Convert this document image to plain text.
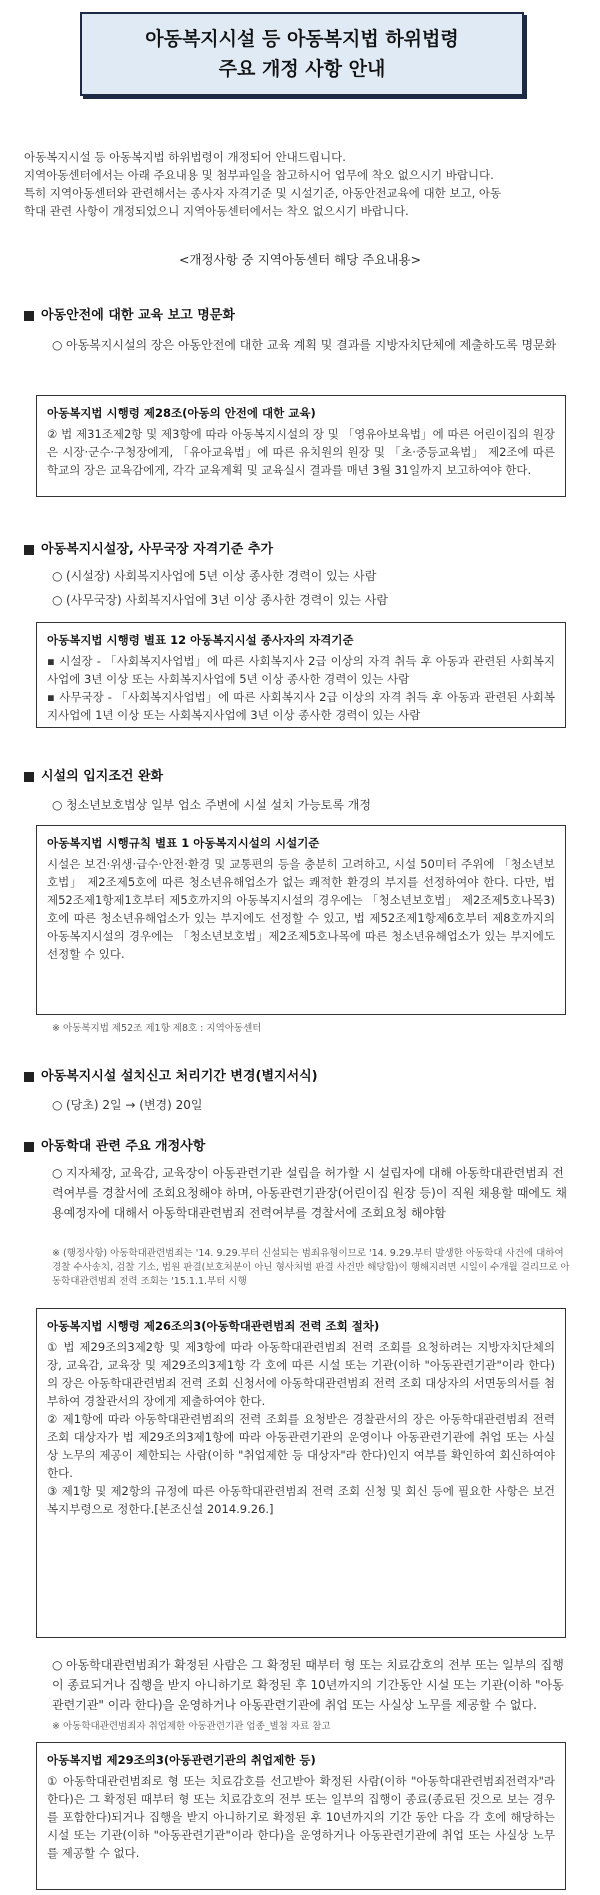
아동복지시설 등 아동복지법 하위법령
주요 개정 사항 안내

아동복지시설 등 아동복지법 하위법령이 개정되어 안내드립니다.

지역아동센터에서는 아래 주요내용 및 첨부파일을 참고하시어 업무에 착오 없으시기 바랍니다.

특히 지역아동센터와 관련해서는 종사자 자격기준 및 시설기준, 아동안전교육에 대한 보고, 아동

학대 관련 사항이 개정되었으니 지역아동센터에서는 착오 없으시기 바랍니다.

<개정사항 중 지역아동센터 해당 주요내용>
아동안전에 대한 교육 보고 명문화
○ 아동복지시설의 장은 아동안전에 대한 교육 계획 및 결과를 지방자치단체에 제출하도록 명문화
아동복지법 시행령 제28조(아동의 안전에 대한 교육)
② 법 제31조제2항 및 제3항에 따라 아동복지시설의 장 및 「영유아보육법」에 따른 어린이집의 원장은 시장·군수·구청장에게, 「유아교육법」에 따른 유치원의 원장 및 「초·중등교육법」 제2조에 따른 학교의 장은 교육감에게, 각각 교육계획 및 교육실시 결과를 매년 3월 31일까지 보고하여야 한다.
아동복지시설장, 사무국장 자격기준 추가
○ (시설장) 사회복지사업에 5년 이상 종사한 경력이 있는 사람
○ (사무국장) 사회복지사업에 3년 이상 종사한 경력이 있는 사람
아동복지법 시행령 별표 12 아동복지시설 종사자의 자격기준
▪ 시설장 - 「사회복지사업법」에 따른 사회복지사 2급 이상의 자격 취득 후 아동과 관련된 사회복지사업에 3년 이상 또는 사회복지사업에 5년 이상 종사한 경력이 있는 사람
▪ 사무국장 - 「사회복지사업법」에 따른 사회복지사 2급 이상의 자격 취득 후 아동과 관련된 사회복지사업에 1년 이상 또는 사회복지사업에 3년 이상 종사한 경력이 있는 사람
시설의 입지조건 완화
○ 청소년보호법상 일부 업소 주변에 시설 설치 가능토록 개정
아동복지법 시행규칙 별표 1 아동복지시설의 시설기준
시설은 보건·위생·급수·안전·환경 및 교통편의 등을 충분히 고려하고, 시설 50미터 주위에 「청소년보호법」 제2조제5호에 따른 청소년유해업소가 없는 쾌적한 환경의 부지를 선정하여야 한다. 다만, 법 제52조제1항제1호부터 제5호까지의 아동복지시설의 경우에는 「청소년보호법」 제2조제5호나목3)호에 따른 청소년유해업소가 있는 부지에도 선정할 수 있고, 법 제52조제1항제6호부터 제8호까지의 아동복지시설의 경우에는 「청소년보호법」제2조제5호나목에 따른 청소년유해업소가 있는 부지에도 선정할 수 있다.
※ 아동복지법 제52조 제1항 제8호 : 지역아동센터
아동복지시설 설치신고 처리기간 변경(별지서식)
○ (당초) 2일 → (변경) 20일
아동학대 관련 주요 개정사항
○ 지자체장, 교육감, 교육장이 아동관련기관 설립을 허가할 시 설립자에 대해 아동학대관련범죄 전력여부를 경찰서에 조회요청해야 하며, 아동관련기관장(어린이집 원장 등)이 직원 채용할 때에도 채용예정자에 대해서 아동학대관련범죄 전력여부를 경찰서에 조회요청 해야함
※ (행정사항) 아동학대관련범죄는 '14. 9.29.부터 신설되는 범죄유형이므로 '14. 9.29.부터 발생한 아동학대 사건에 대하여 경찰 수사송치, 검찰 기소, 법원 판결(보호처분이 아닌 형사처벌 판결 사건만 해당함)이 행해지려면 시일이 수개월 걸리므로 아동학대관련범죄 전력 조회는 '15.1.1.부터 시행
아동복지법 시행령 제26조의3(아동학대관련범죄 전력 조회 절차)
① 법 제29조의3제2항 및 제3항에 따라 아동학대관련범죄 전력 조회를 요청하려는 지방자치단체의 장, 교육감, 교육장 및 제29조의3제1항 각 호에 따른 시설 또는 기관(이하 "아동관련기관"이라 한다)의 장은 아동학대관련범죄 전력 조회 신청서에 아동학대관련범죄 전력 조회 대상자의 서면동의서를 첨부하여 경찰관서의 장에게 제출하여야 한다.
② 제1항에 따라 아동학대관련범죄의 전력 조회를 요청받은 경찰관서의 장은 아동학대관련범죄 전력 조회 대상자가 법 제29조의3제1항에 따라 아동관련기관의 운영이나 아동관련기관에 취업 또는 사실상 노무의 제공이 제한되는 사람(이하 "취업제한 등 대상자"라 한다)인지 여부를 확인하여 회신하여야 한다.
③ 제1항 및 제2항의 규정에 따른 아동학대관련범죄 전력 조회 신청 및 회신 등에 필요한 사항은 보건복지부령으로 정한다.[본조신설 2014.9.26.]
○ 아동학대관련범죄가 확정된 사람은 그 확정된 때부터 형 또는 치료감호의 전부 또는 일부의 집행이 종료되거나 집행을 받지 아니하기로 확정된 후 10년까지의 기간동안 시설 또는 기관(이하 "아동관련기관" 이라 한다)을 운영하거나 아동관련기관에 취업 또는 사실상 노무를 제공할 수 없다.
※ 아동학대관련범죄자 취업제한 아동관련기관 업종_별첨 자료 참고
아동복지법 제29조의3(아동관련기관의 취업제한 등)
① 아동학대관련범죄로 형 또는 치료감호를 선고받아 확정된 사람(이하 "아동학대관련범죄전력자"라 한다)은 그 확정된 때부터 형 또는 치료감호의 전부 또는 일부의 집행이 종료(종료된 것으로 보는 경우를 포함한다)되거나 집행을 받지 아니하기로 확정된 후 10년까지의 기간 동안 다음 각 호에 해당하는 시설 또는 기관(이하 "아동관련기관"이라 한다)을 운영하거나 아동관련기관에 취업 또는 사실상 노무를 제공할 수 없다.
